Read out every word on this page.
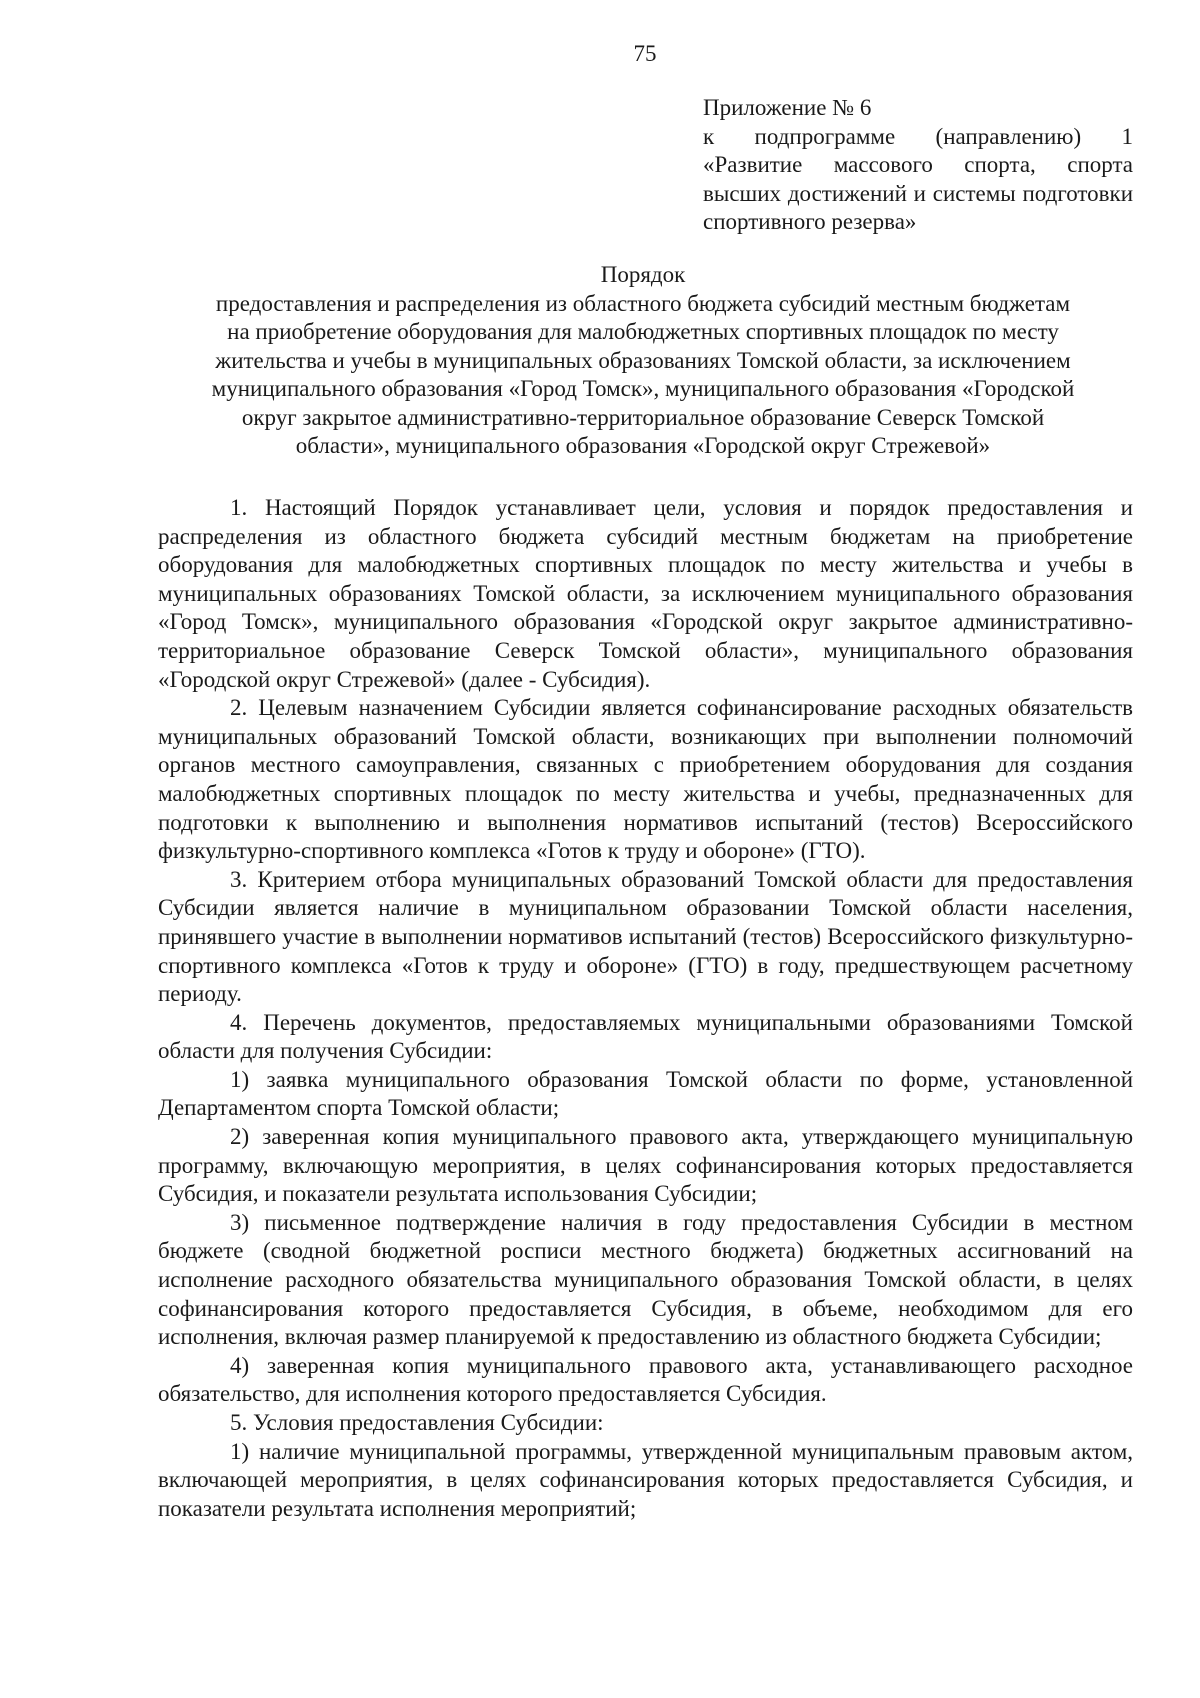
75
Приложение № 6
к подпрограмме (направлению) 1 «Развитие массового спорта, спорта высших достижений и системы подготовки спортивного резерва»
Порядок
предоставления и распределения из областного бюджета субсидий местным бюджетам
на приобретение оборудования для малобюджетных спортивных площадок по месту
жительства и учебы в муниципальных образованиях Томской области, за исключением
муниципального образования «Город Томск», муниципального образования «Городской
округ закрытое административно-территориальное образование Северск Томской
области», муниципального образования «Городской округ Стрежевой»

1. Настоящий Порядок устанавливает цели, условия и порядок предоставления и распределения из областного бюджета субсидий местным бюджетам на приобретение оборудования для малобюджетных спортивных площадок по месту жительства и учебы в муниципальных образованиях Томской области, за исключением муниципального образования «Город Томск», муниципального образования «Городской округ закрытое административно-территориальное образование Северск Томской области», муниципального образования «Городской округ Стрежевой» (далее - Субсидия).

2. Целевым назначением Субсидии является софинансирование расходных обязательств муниципальных образований Томской области, возникающих при выполнении полномочий органов местного самоуправления, связанных с приобретением оборудования для создания малобюджетных спортивных площадок по месту жительства и учебы, предназначенных для подготовки к выполнению и выполнения нормативов испытаний (тестов) Всероссийского физкультурно-спортивного комплекса «Готов к труду и обороне» (ГТО).

3. Критерием отбора муниципальных образований Томской области для предоставления Субсидии является наличие в муниципальном образовании Томской области населения, принявшего участие в выполнении нормативов испытаний (тестов) Всероссийского физкультурно-спортивного комплекса «Готов к труду и обороне» (ГТО) в году, предшествующем расчетному периоду.

4. Перечень документов, предоставляемых муниципальными образованиями Томской области для получения Субсидии:

1) заявка муниципального образования Томской области по форме, установленной Департаментом спорта Томской области;

2) заверенная копия муниципального правового акта, утверждающего муниципальную программу, включающую мероприятия, в целях софинансирования которых предоставляется Субсидия, и показатели результата использования Субсидии;

3) письменное подтверждение наличия в году предоставления Субсидии в местном бюджете (сводной бюджетной росписи местного бюджета) бюджетных ассигнований на исполнение расходного обязательства муниципального образования Томской области, в целях софинансирования которого предоставляется Субсидия, в объеме, необходимом для его исполнения, включая размер планируемой к предоставлению из областного бюджета Субсидии;

4) заверенная копия муниципального правового акта, устанавливающего расходное обязательство, для исполнения которого предоставляется Субсидия.

5. Условия предоставления Субсидии:

1) наличие муниципальной программы, утвержденной муниципальным правовым актом, включающей мероприятия, в целях софинансирования которых предоставляется Субсидия, и показатели результата исполнения мероприятий;
